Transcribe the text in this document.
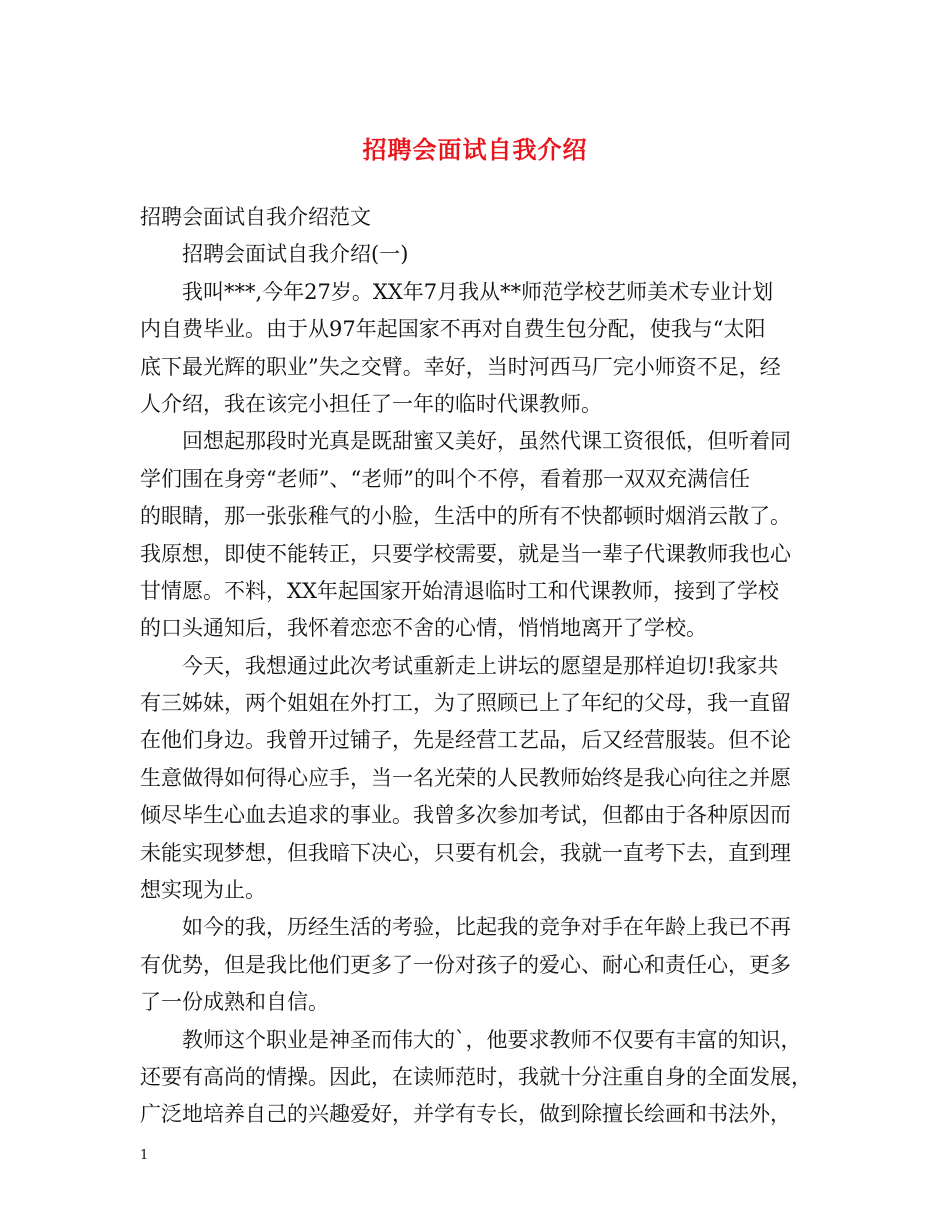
招聘会面试自我介绍
招聘会面试自我介绍范文
招聘会面试自我介绍(一)
我叫***,今年27岁。XX年7月我从**师范学校艺师美术专业计划
内自费毕业。由于从97年起国家不再对自费生包分配，使我与“太阳
底下最光辉的职业”失之交臂。幸好，当时河西马厂完小师资不足，经
人介绍，我在该完小担任了一年的临时代课教师。
回想起那段时光真是既甜蜜又美好，虽然代课工资很低，但听着同
学们围在身旁“老师”、“老师”的叫个不停，看着那一双双充满信任
的眼睛，那一张张稚气的小脸，生活中的所有不快都顿时烟消云散了。
我原想，即使不能转正，只要学校需要，就是当一辈子代课教师我也心
甘情愿。不料，XX年起国家开始清退临时工和代课教师，接到了学校
的口头通知后，我怀着恋恋不舍的心情，悄悄地离开了学校。
今天，我想通过此次考试重新走上讲坛的愿望是那样迫切!我家共
有三姊妹，两个姐姐在外打工，为了照顾已上了年纪的父母，我一直留
在他们身边。我曾开过铺子，先是经营工艺品，后又经营服装。但不论
生意做得如何得心应手，当一名光荣的人民教师始终是我心向往之并愿
倾尽毕生心血去追求的事业。我曾多次参加考试，但都由于各种原因而
未能实现梦想，但我暗下决心，只要有机会，我就一直考下去，直到理
想实现为止。
如今的我，历经生活的考验，比起我的竞争对手在年龄上我已不再
有优势，但是我比他们更多了一份对孩子的爱心、耐心和责任心，更多
了一份成熟和自信。
教师这个职业是神圣而伟大的`，他要求教师不仅要有丰富的知识，
还要有高尚的情操。因此，在读师范时，我就十分注重自身的全面发展，
广泛地培养自己的兴趣爱好，并学有专长，做到除擅长绘画和书法外，
1
